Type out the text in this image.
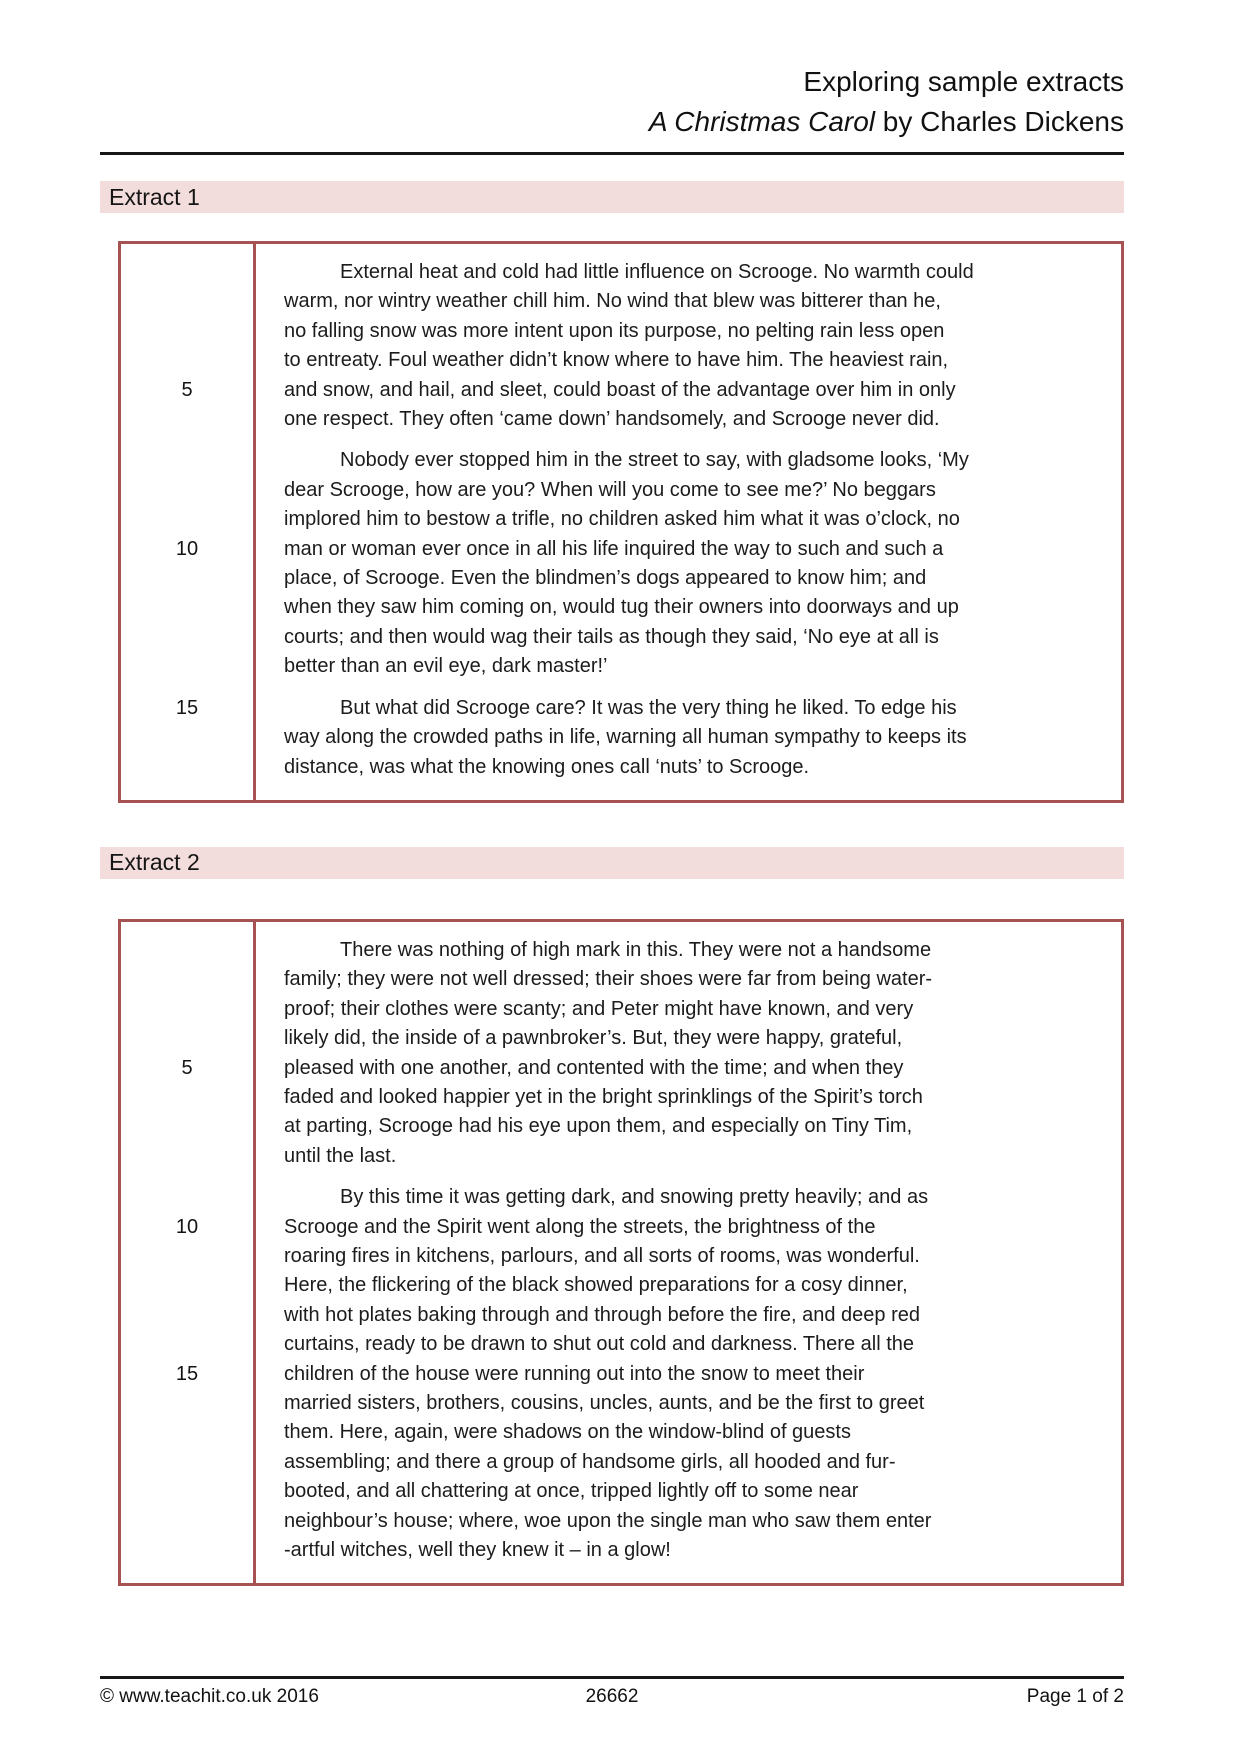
Exploring sample extracts
A Christmas Carol by Charles Dickens
Extract 1
External heat and cold had little influence on Scrooge. No warmth could
warm, nor wintry weather chill him. No wind that blew was bitterer than he,
no falling snow was more intent upon its purpose, no pelting rain less open
to entreaty. Foul weather didn’t know where to have him. The heaviest rain,
5	and snow, and hail, and sleet, could boast of the advantage over him in only
one respect. They often ‘came down’ handsomely, and Scrooge never did.
Nobody ever stopped him in the street to say, with gladsome looks, ‘My
dear Scrooge, how are you? When will you come to see me?’ No beggars
implored him to bestow a trifle, no children asked him what it was o’clock, no
10	man or woman ever once in all his life inquired the way to such and such a
place, of Scrooge. Even the blindmen’s dogs appeared to know him; and
when they saw him coming on, would tug their owners into doorways and up
courts; and then would wag their tails as though they said, ‘No eye at all is
better than an evil eye, dark master!’
15	But what did Scrooge care? It was the very thing he liked. To edge his
way along the crowded paths in life, warning all human sympathy to keeps its
distance, was what the knowing ones call ‘nuts’ to Scrooge.
Extract 2
There was nothing of high mark in this. They were not a handsome
family; they were not well dressed; their shoes were far from being water-
proof; their clothes were scanty; and Peter might have known, and very
likely did, the inside of a pawnbroker’s. But, they were happy, grateful,
5	pleased with one another, and contented with the time; and when they
faded and looked happier yet in the bright sprinklings of the Spirit’s torch
at parting, Scrooge had his eye upon them, and especially on Tiny Tim,
until the last.
By this time it was getting dark, and snowing pretty heavily; and as
10	Scrooge and the Spirit went along the streets, the brightness of the
roaring fires in kitchens, parlours, and all sorts of rooms, was wonderful.
Here, the flickering of the black showed preparations for a cosy dinner,
with hot plates baking through and through before the fire, and deep red
curtains, ready to be drawn to shut out cold and darkness. There all the
15	children of the house were running out into the snow to meet their
married sisters, brothers, cousins, uncles, aunts, and be the first to greet
them. Here, again, were shadows on the window-blind of guests
assembling; and there a group of handsome girls, all hooded and fur-
booted, and all chattering at once, tripped lightly off to some near
neighbour’s house; where, woe upon the single man who saw them enter
-artful witches, well they knew it – in a glow!
© www.teachit.co.uk 2016	26662	Page 1 of 2
